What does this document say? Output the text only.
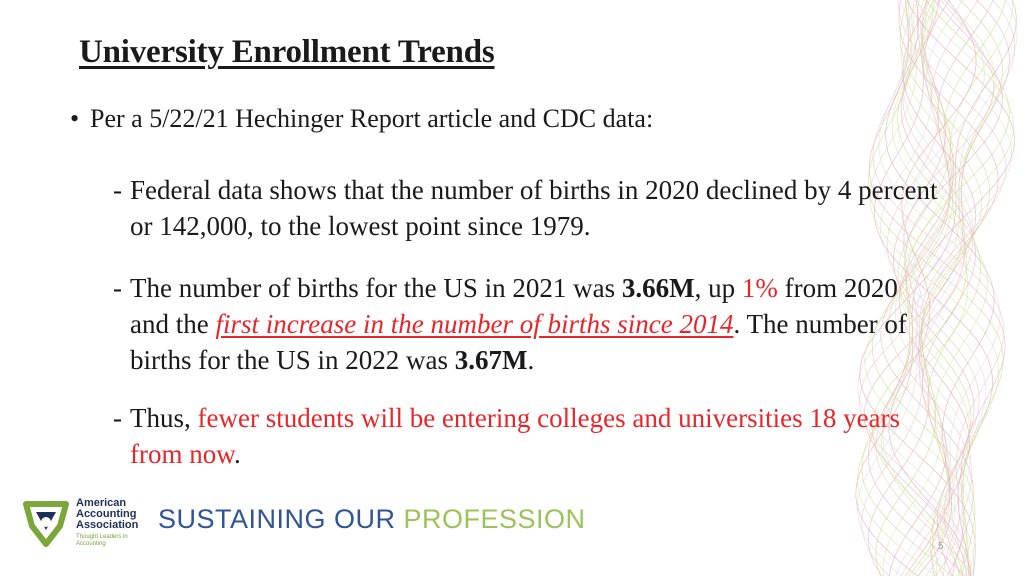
University Enrollment Trends
• Per a 5/22/21 Hechinger Report article and CDC data:
- Federal data shows that the number of births in 2020 declined by 4 percent or 142,000, to the lowest point since 1979.
- The number of births for the US in 2021 was 3.66M, up 1% from 2020 and the first increase in the number of births since 2014. The number of births for the US in 2022 was 3.67M.
- Thus, fewer students will be entering colleges and universities 18 years from now.
American Accounting Association
Thought Leaders in Accounting
SUSTAINING OUR PROFESSION
5
